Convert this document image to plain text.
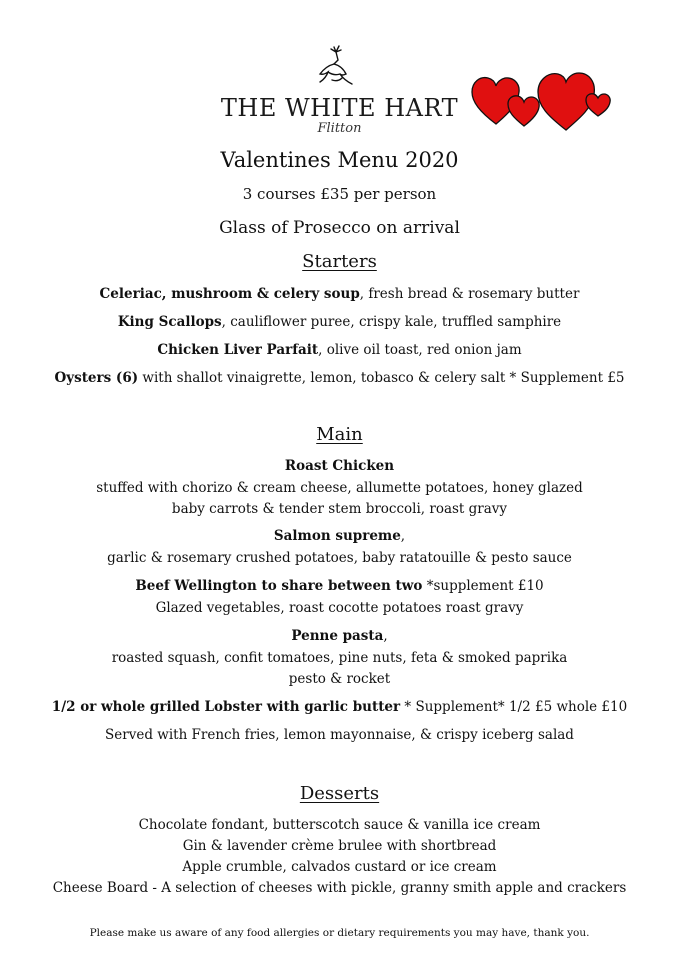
THE WHITE HART
Flitton
Valentines Menu 2020
3 courses £35 per person
Glass of Prosecco on arrival
Starters
Celeriac, mushroom & celery soup, fresh bread & rosemary butter
King Scallops, cauliflower puree, crispy kale, truffled samphire
Chicken Liver Parfait, olive oil toast, red onion jam
Oysters (6) with shallot vinaigrette, lemon, tobasco & celery salt * Supplement £5
Main
Roast Chicken
stuffed with chorizo & cream cheese, allumette potatoes, honey glazed
baby carrots & tender stem broccoli, roast gravy
Salmon supreme,
garlic & rosemary crushed potatoes, baby ratatouille & pesto sauce
Beef Wellington to share between two *supplement £10
Glazed vegetables, roast cocotte potatoes roast gravy
Penne pasta,
roasted squash, confit tomatoes, pine nuts, feta & smoked paprika
pesto & rocket
1/2 or whole grilled Lobster with garlic butter * Supplement* 1/2 £5 whole £10
Served with French fries, lemon mayonnaise, & crispy iceberg salad
Desserts
Chocolate fondant, butterscotch sauce & vanilla ice cream
Gin & lavender crème brulee with shortbread
Apple crumble, calvados custard or ice cream
Cheese Board - A selection of cheeses with pickle, granny smith apple and crackers
Please make us aware of any food allergies or dietary requirements you may have, thank you.
